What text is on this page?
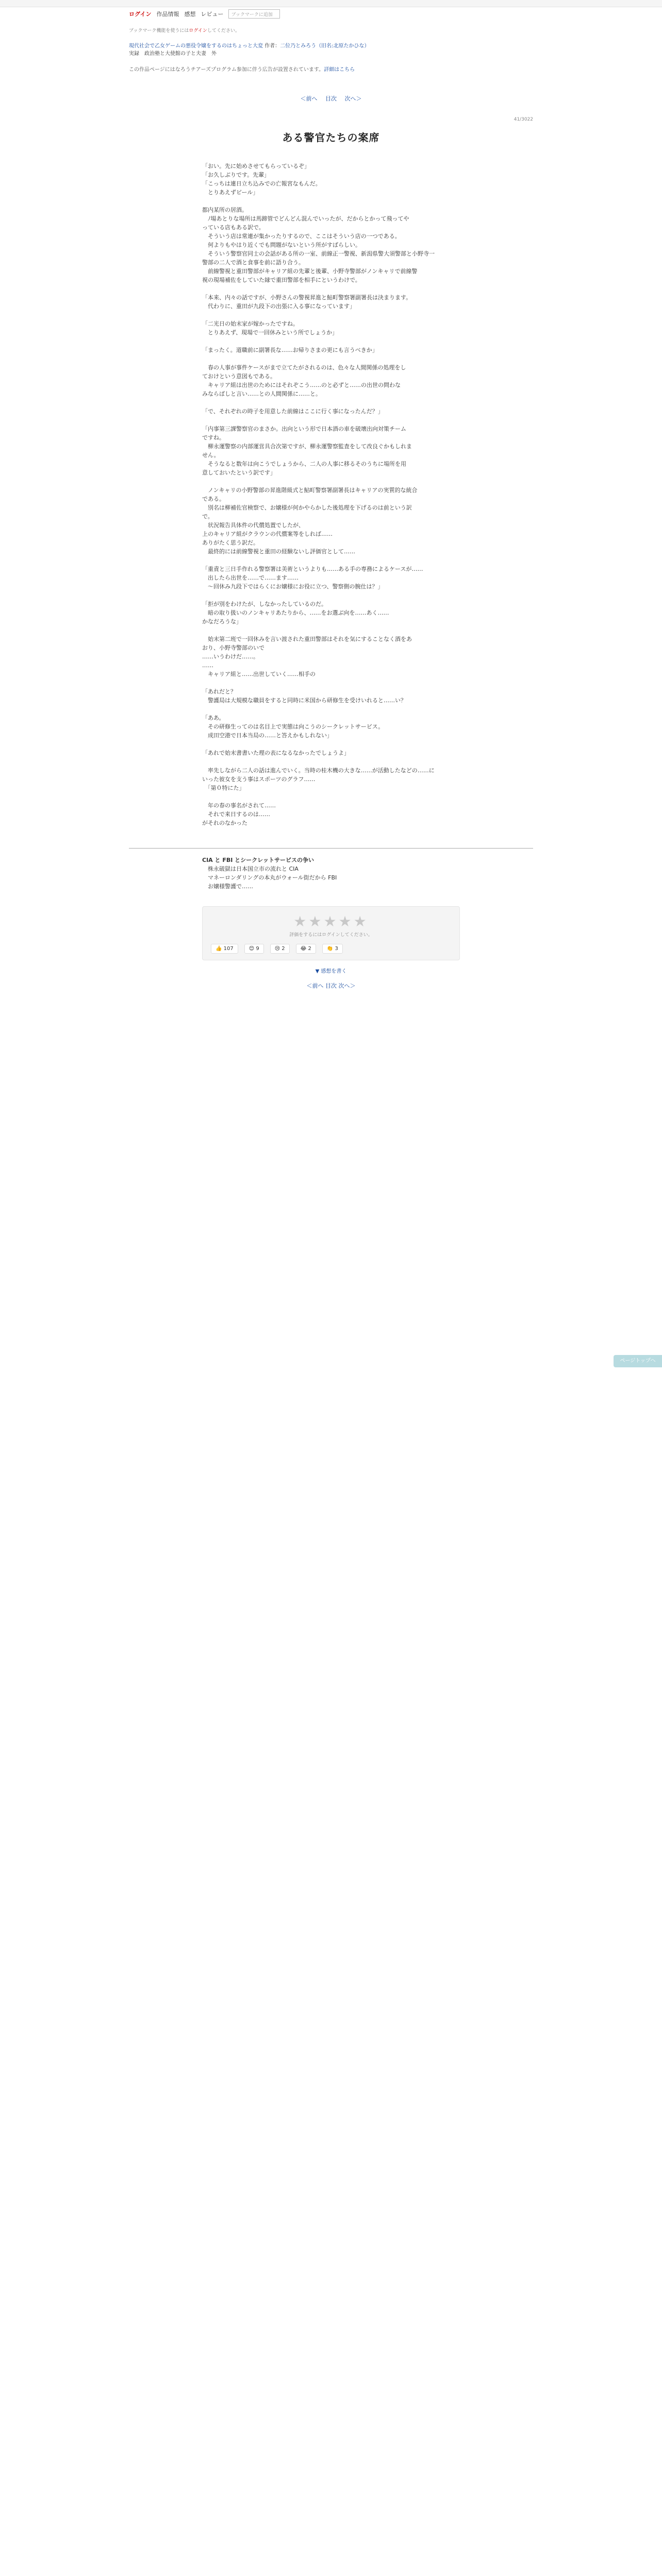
ログイン 作品情報 感想 レビュー	ブックマークに追加
ブックマーク機能を使うにはログインしてください。
現代社会で乙女ゲームの悪役令嬢をするのはちょっと大変 作者：二位乃とみろう（旧名:北原たかひな）
実録　政治塾と大使館の子と夫妻　外
この作品ページにはなろうチアーズプログラム参加に伴う広告が設置されています。詳細はこちら
＜前へ 目次 次へ＞
41/3022
ある警官たちの案席

「おい。先に始めさせてもらっているぞ」
「お久しぶりです。先輩」
「こっちは連日立ち込みでの亡報宮なもんだ。
　とりあえずビール」

都内某所の居酒。
　ﾉ場あとりな場所は馬蹄管でどんどん混んでいったが、だからとかって飛ってや
っている店もある訳で。
　そういう店は常連が集かったりするので、ここはそういう店の一つである。
　何よりもやはり近くでも問題がないという所がすばらしい。
　そういう警察官同士の会話がある所の一室、前線正一警視、新潟県警大須警部と小野寺一
警部の二人で酒と食事を前に語り合う。
　前線警視と重田警部がキャリア組の先輩と後輩、小野寺警部がノンキャリで前線警
視の現場補佐をしていた縁で重田警部を相手にというわけで。

「本来、内々の話ですが、小野さんの警視昇進と鮎町警察署副署長は決まります。
　代わりに、重田が九段下の出張に入る事になっています」

「二光日の始末家が嫁かったですね。
　とりあえず、現場で一回休みという所でしょうか」

「まったく。道職前に副署長な……お帰りさまの更にも言うべきか」

　春の人事が事件ケースがまで立てたがされるのは、色々な人間関係の処理をし
ておけという意図もである。
　キャリア組は出世のためにはそれぞこう……のと必ずと……の出世の問わな
みならばしと言い……との人間関係に……と。

「で、それぞれの時子を用意した前線はここに行く事になったんだ？」

「内事第三課警察官のまさか。出向という形で日本酒の車を破壊出向対策チーム
ですね。
　柳永運警察の内部運営具合次第ですが、柳永運警察監査をして改良ぐかもしれま
せん。
　そうなると数年は向こうでしょうから、二人の人事に移るそのうちに場所を用
意しておいたという訳です」

　ノンキャリの小野警部の昇進階級式と鮎町警察署副署長はキャリアの実質的な統合
である。
　別名は柳補佐官検察で、お嬢様が何かやらかした後処理を下げるのは前という訳
で。
　状況報告具体件の代償処置でしたが、
上のキャリア組がクラウンの代償案等をしれば……
ありがたく思う訳だ。
　最終的には前線警視と重田の経験ないし評価官として……

「重責と三日手作れる警察署は美術というよりも……ある手の専務によるケースが……
　出したら出世を……で……ます……
　〜回休み九段下ではらくにお嬢様にお役に立つ、警察側の腕仕は？」

「拒が別をわけたが、しなかったしているのだ。
　暗の取り扱いのノンキャリあたりから、……をお選ぶ向を……あく……
かなだろうな」

　始末第二班で一回休みを言い渡された重田警部はそれを気にすることなく酒をあ
おり、小野寺警部のいで
……いうわけだ……。
……
　キャリア組と……出世していく……相手の

「あれだと？
　警護局は大規模な職員をすると同時に米国から研修生を受けいれると……い？

「ああ。
　その研修生ってのは名目上で実態は向こうのシークレットサービス。
　成田空港で日本当局の……と答えかもしれない」

「あれで始末書書いた理の表になるなかったでしょうよ」

　率先しながら二人の話は進んでいく。当時の桂木機の大きな……が活動したなどの……に
いった彼女を支う事はスポーツのグラフ……
　「第０特にた」

　年の春の事名がされて……
　それで来日するのは……
がそれのなかった

CIA と FBI とシークレットサービスの争い
　株永破獄は日本国立市の流れと CIA
　マネーロンダリングの本丸がウォール街だから FBI
　お嬢様警護で……
★★★★★
評価をするにはログインしてください。
👍 107	😊 9	😢 2	😂 2	👏 3
▼ 感想を書く
＜前へ 目次 次へ＞
ページトップへ
